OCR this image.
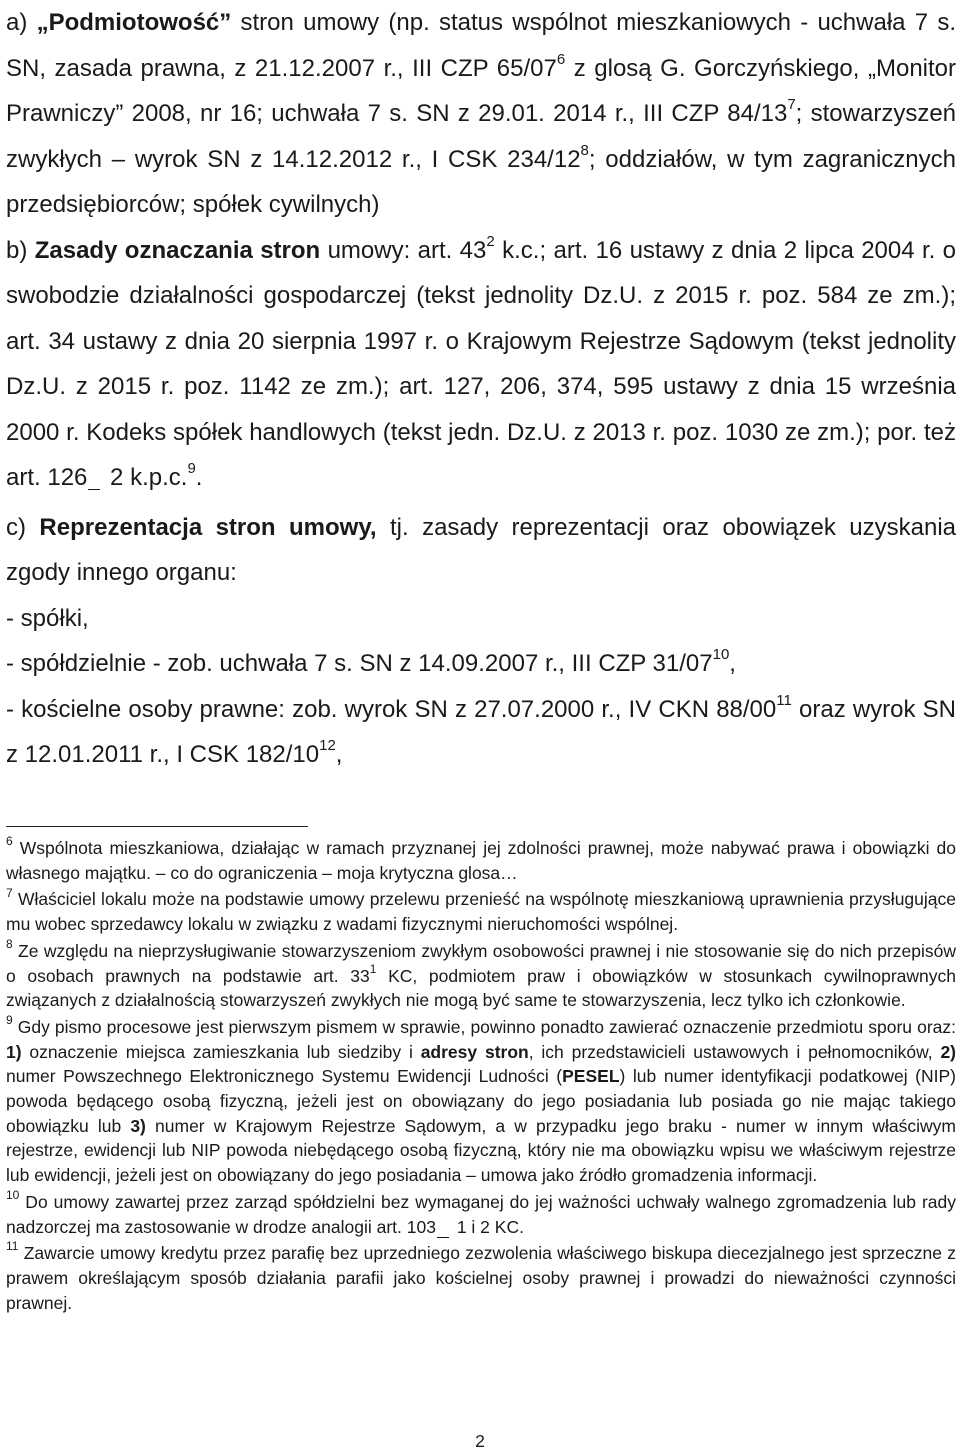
a) „Podmiotowość” stron umowy (np. status wspólnot mieszkaniowych - uchwała 7 s. SN, zasada prawna, z 21.12.2007 r., III CZP $65/07^6$ z glosą G. Gorczyńskiego, „Monitor Prawniczy” 2008, nr 16; uchwała 7 s. SN z 29.01. 2014 r., III CZP $84/13^7$; stowarzyszeń zwykłych – wyrok SN z 14.12.2012 r., I CSK $234/12^8$; oddziałów, w tym zagranicznych przedsiębiorców; spółek cywilnych)

b) Zasady oznaczania stron umowy: art. $43^2$ k.c.; art. 16 ustawy z dnia 2 lipca 2004 r. o swobodzie działalności gospodarczej (tekst jednolity Dz.U. z 2015 r. poz. 584 ze zm.); art. 34 ustawy z dnia 20 sierpnia 1997 r. o Krajowym Rejestrze Sądowym (tekst jednolity Dz.U. z 2015 r. poz. 1142 ze zm.); art. 127, 206, 374, 595 ustawy z dnia 15 września 2000 r. Kodeks spółek handlowych (tekst jedn. Dz.U. z 2013 r. poz. 1030 ze zm.); por. też art. 126 2 k.p.c.$^9$.

c) Reprezentacja stron umowy, tj. zasady reprezentacji oraz obowiązek uzyskania zgody innego organu:

- spółki,

- spółdzielnie - zob. uchwała 7 s. SN z 14.09.2007 r., III CZP $31/07^{10}$,

- kościelne osoby prawne: zob. wyrok SN z 27.07.2000 r., IV CKN $88/00^{11}$ oraz wyrok SN z 12.01.2011 r., I CSK $182/10^{12}$,

$^6$ Wspólnota mieszkaniowa, działając w ramach przyznanej jej zdolności prawnej, może nabywać prawa i obowiązki do własnego majątku. – co do ograniczenia – moja krytyczna glosa…

$^7$ Właściciel lokalu może na podstawie umowy przelewu przenieść na wspólnotę mieszkaniową uprawnienia przysługujące mu wobec sprzedawcy lokalu w związku z wadami fizycznymi nieruchomości wspólnej.

$^8$ Ze względu na nieprzysługiwanie stowarzyszeniom zwykłym osobowości prawnej i nie stosowanie się do nich przepisów o osobach prawnych na podstawie art. $33^1$ KC, podmiotem praw i obowiązków w stosunkach cywilnoprawnych związanych z działalnością stowarzyszeń zwykłych nie mogą być same te stowarzyszenia, lecz tylko ich członkowie.

$^9$ Gdy pismo procesowe jest pierwszym pismem w sprawie, powinno ponadto zawierać oznaczenie przedmiotu sporu oraz: 1) oznaczenie miejsca zamieszkania lub siedziby i adresy stron, ich przedstawicieli ustawowych i pełnomocników, 2) numer Powszechnego Elektronicznego Systemu Ewidencji Ludności (PESEL) lub numer identyfikacji podatkowej (NIP) powoda będącego osobą fizyczną, jeżeli jest on obowiązany do jego posiadania lub posiada go nie mając takiego obowiązku lub 3) numer w Krajowym Rejestrze Sądowym, a w przypadku jego braku - numer w innym właściwym rejestrze, ewidencji lub NIP powoda niebędącego osobą fizyczną, który nie ma obowiązku wpisu we właściwym rejestrze lub ewidencji, jeżeli jest on obowiązany do jego posiadania – umowa jako źródło gromadzenia informacji.

$^{10}$ Do umowy zawartej przez zarząd spółdzielni bez wymaganej do jej ważności uchwały walnego zgromadzenia lub rady nadzorczej ma zastosowanie w drodze analogii art. 103 1 i 2 KC.

$^{11}$ Zawarcie umowy kredytu przez parafię bez uprzedniego zezwolenia właściwego biskupa diecezjalnego jest sprzeczne z prawem określającym sposób działania parafii jako kościelnej osoby prawnej i prowadzi do nieważności czynności prawnej.

2
